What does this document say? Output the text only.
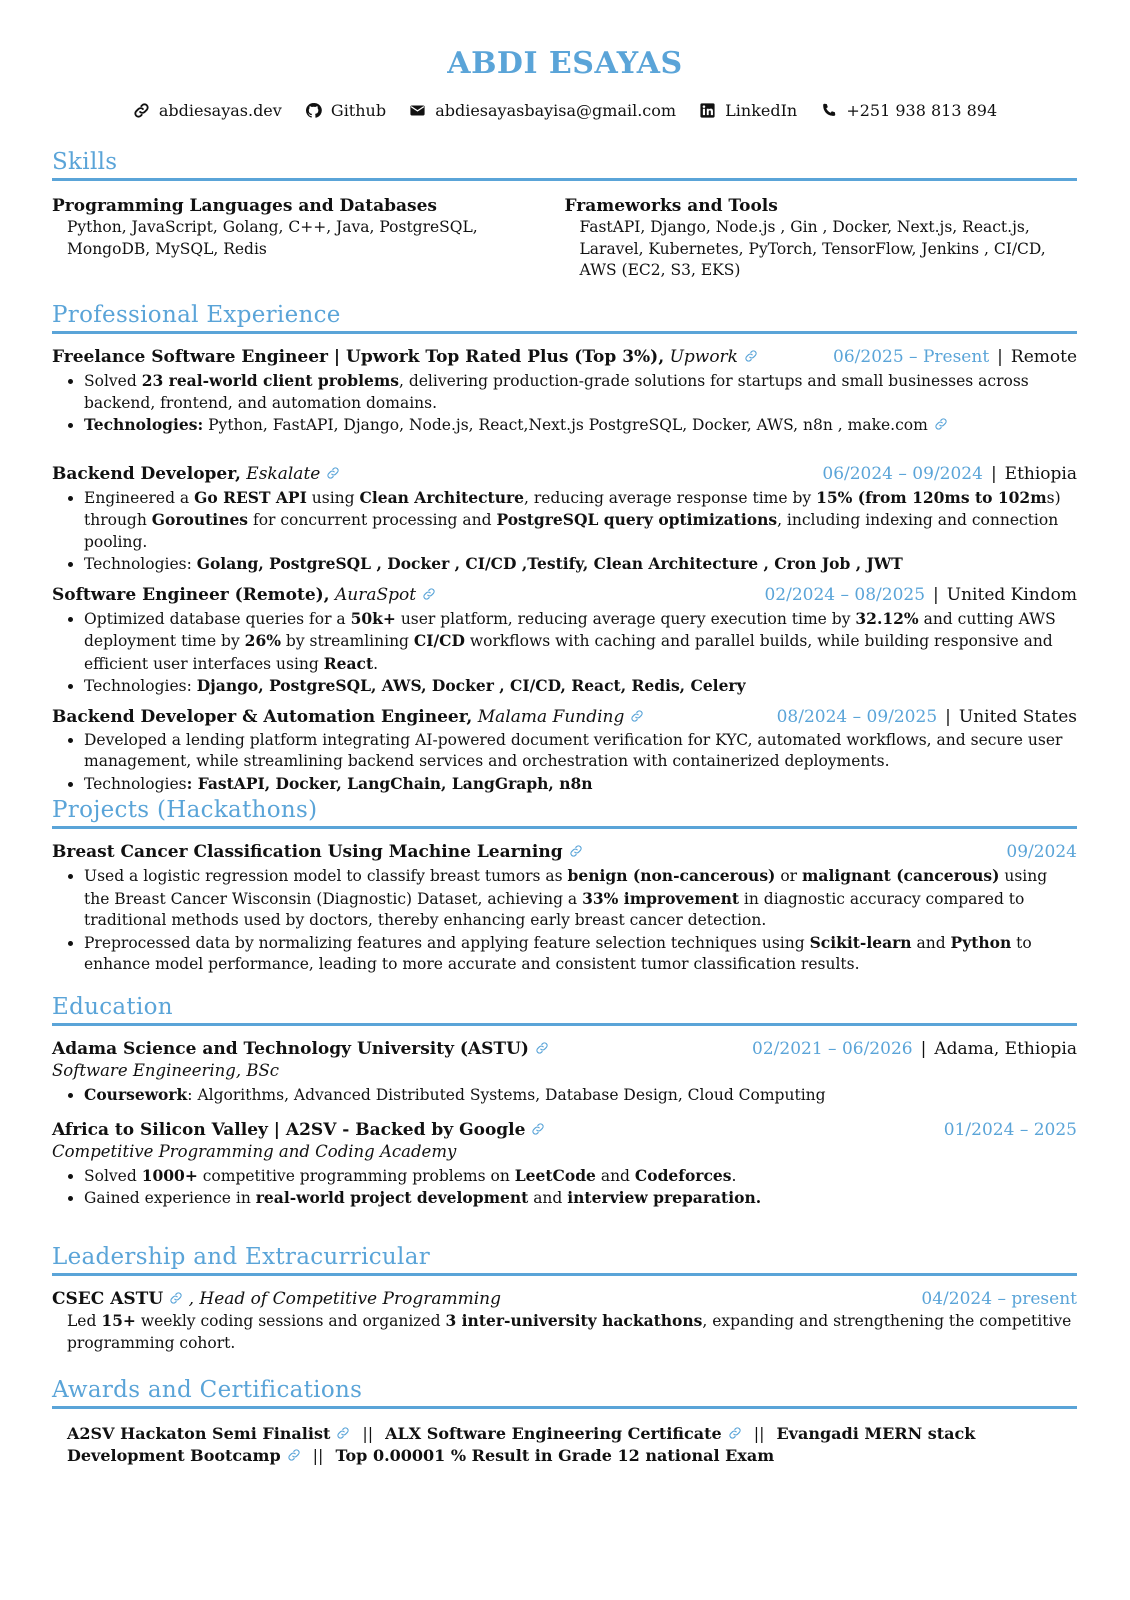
ABDI ESAYAS
abdiesayas.dev
	Github
	abdiesayasbayisa@gmail.com
	LinkedIn
	+251 938 813 894
Skills
Programming Languages and Databases
Python, JavaScript, Golang, C++, Java, PostgreSQL, MongoDB, MySQL, Redis
Frameworks and Tools
FastAPI, Django, Node.js , Gin , Docker, Next.js, React.js, Laravel, Kubernetes, PyTorch, TensorFlow, Jenkins , CI/CD, AWS (EC2, S3, EKS)
Professional Experience
Freelance Software Engineer | Upwork Top Rated Plus (Top 3%), Upwork	06/2025 – Present | Remote
• Solved 23 real-world client problems, delivering production-grade solutions for startups and small businesses across backend, frontend, and automation domains.
• Technologies: Python, FastAPI, Django, Node.js, React,Next.js PostgreSQL, Docker, AWS, n8n , make.com
Backend Developer, Eskalate	06/2024 – 09/2024 | Ethiopia
• Engineered a Go REST API using Clean Architecture, reducing average response time by 15% (from 120ms to 102ms) through Goroutines for concurrent processing and PostgreSQL query optimizations, including indexing and connection pooling.
• Technologies: Golang, PostgreSQL , Docker , CI/CD ,Testify, Clean Architecture , Cron Job , JWT
Software Engineer (Remote), AuraSpot	02/2024 – 08/2025 | United Kindom
• Optimized database queries for a 50k+ user platform, reducing average query execution time by 32.12% and cutting AWS deployment time by 26% by streamlining CI/CD workflows with caching and parallel builds, while building responsive and efficient user interfaces using React.
• Technologies: Django, PostgreSQL, AWS, Docker , CI/CD, React, Redis, Celery
Backend Developer & Automation Engineer, Malama Funding	08/2024 – 09/2025 | United States
• Developed a lending platform integrating AI-powered document verification for KYC, automated workflows, and secure user management, while streamlining backend services and orchestration with containerized deployments.
• Technologies: FastAPI, Docker, LangChain, LangGraph, n8n
Projects (Hackathons)
Breast Cancer Classification Using Machine Learning	09/2024
• Used a logistic regression model to classify breast tumors as benign (non-cancerous) or malignant (cancerous) using the Breast Cancer Wisconsin (Diagnostic) Dataset, achieving a 33% improvement in diagnostic accuracy compared to traditional methods used by doctors, thereby enhancing early breast cancer detection.
• Preprocessed data by normalizing features and applying feature selection techniques using Scikit-learn and Python to enhance model performance, leading to more accurate and consistent tumor classification results.
Education
Adama Science and Technology University (ASTU)	02/2021 – 06/2026 | Adama, Ethiopia
Software Engineering, BSc
• Coursework: Algorithms, Advanced Distributed Systems, Database Design, Cloud Computing
Africa to Silicon Valley | A2SV - Backed by Google	01/2024 – 2025
Competitive Programming and Coding Academy
• Solved 1000+ competitive programming problems on LeetCode and Codeforces.
• Gained experience in real-world project development and interview preparation.
Leadership and Extracurricular
CSEC ASTU , Head of Competitive Programming	04/2024 – present
Led 15+ weekly coding sessions and organized 3 inter-university hackathons, expanding and strengthening the competitive programming cohort.
Awards and Certifications
A2SV Hackaton Semi Finalist || ALX Software Engineering Certificate || Evangadi MERN stack Development Bootcamp || Top 0.00001 % Result in Grade 12 national Exam
